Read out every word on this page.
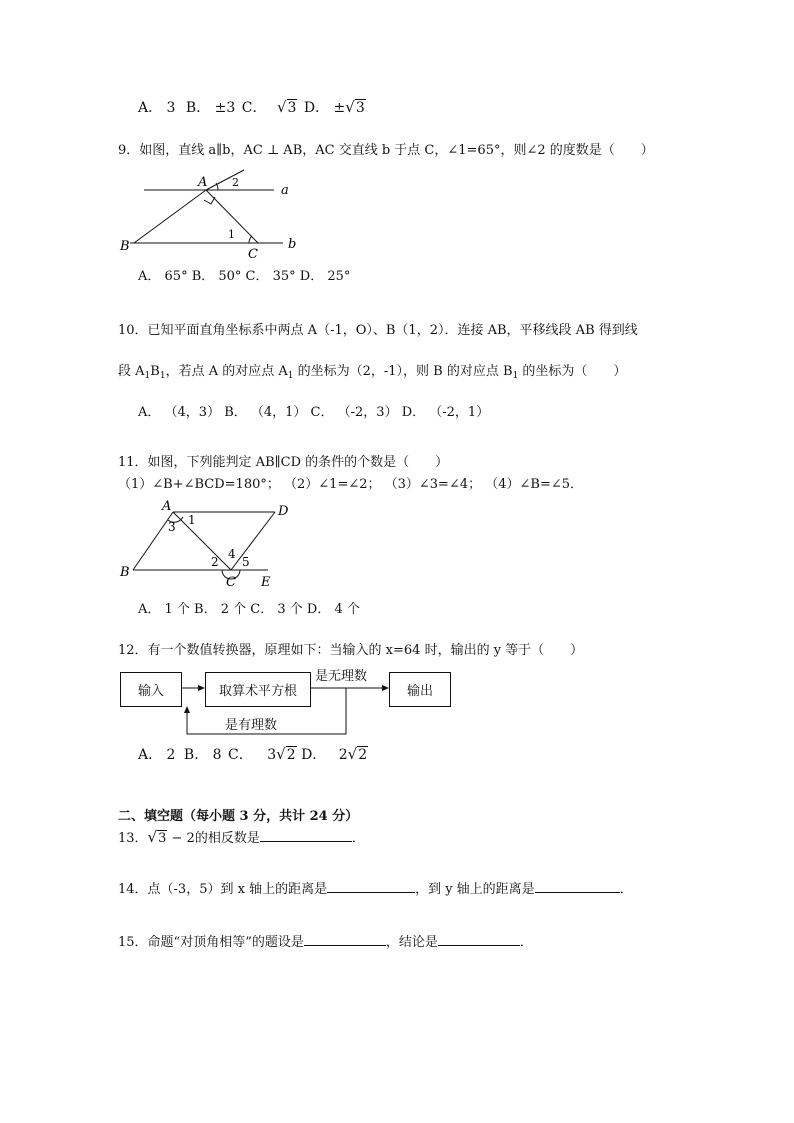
A． 3 B． ±3 C． √3 D． ±√3
9．如图，直线 a∥b，AC ⊥ AB，AC 交直线 b 于点 C，∠1=65°，则∠2 的度数是（　　）
A 2
a
B
1
C
b
A． 65° B． 50° C． 35° D． 25°
10．已知平面直角坐标系中两点 A（-1，O）、B（1，2）．连接 AB，平移线段 AB 得到线
段 $A_1B_1$，若点 A 的对应点 $A_1$ 的坐标为（2，-1），则 B 的对应点 $B_1$ 的坐标为（　　）
A． （4，3） B． （4，1） C． （-2，3） D． （-2，1）
11．如图，下列能判定 AB∥CD 的条件的个数是（　　）
（1）∠B+∠BCD=180°； （2）∠1=∠2； （3）∠3=∠4； （4）∠B=∠5．
A	D
3 1
4
2 5
B
C E
A． 1 个 B． 2 个 C． 3 个 D． 4 个
12．有一个数值转换器，原理如下：当输入的 x=64 时，输出的 y 等于（　　）
输入	取算术平方根	输出
是无理数
是有理数
A． 2 B． 8 C． 3√2 D． 2√2
二、填空题（每小题 3 分，共计 24 分）
13．√3 − 2的相反数是	．
14．点（-3，5）到 x 轴上的距离是	，到 y 轴上的距离是	．
15．命题“对顶角相等”的题设是	，结论是	．
